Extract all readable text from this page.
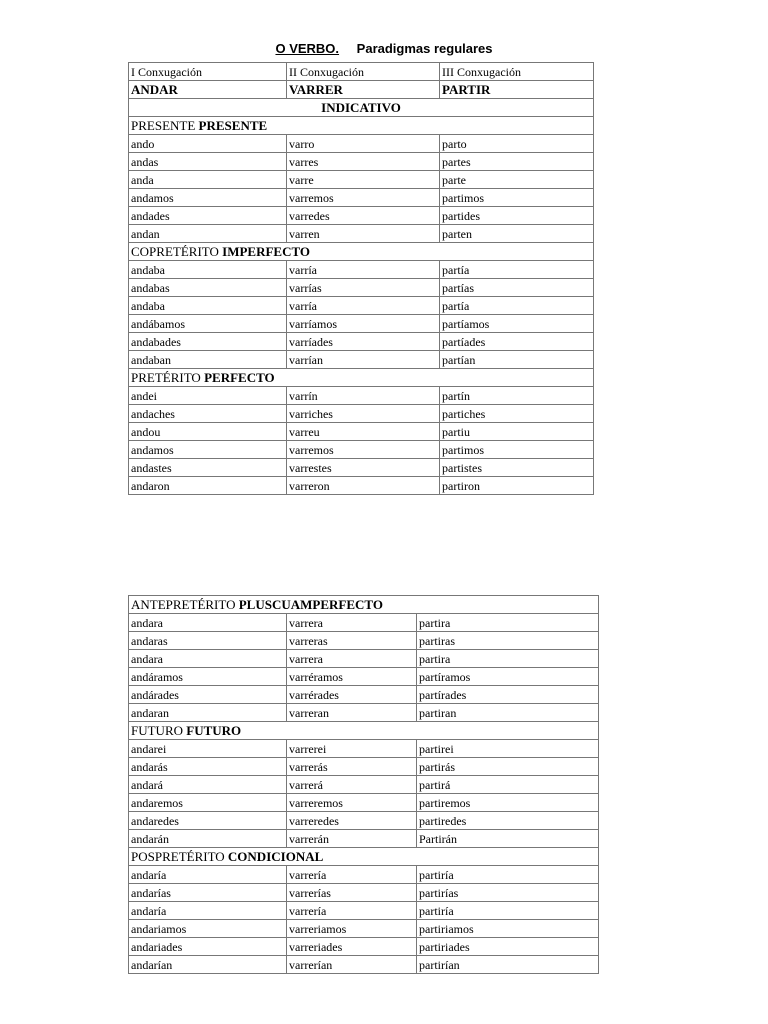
O VERBO. Paradigmas regulares
I Conxugación	II Conxugación	III Conxugación
ANDAR	VARRER	PARTIR
INDICATIVO		
PRESENTE PRESENTE		
ando	varro	parto
andas	varres	partes
anda	varre	parte
andamos	varremos	partimos
andades	varredes	partides
andan	varren	parten
COPRETÉRITO IMPERFECTO		
andaba	varría	partía
andabas	varrías	partías
andaba	varría	partía
andábamos	varríamos	partíamos
andabades	varríades	partíades
andaban	varrían	partían
PRETÉRITO PERFECTO		
andei	varrín	partín
andaches	varriches	partiches
andou	varreu	partiu
andamos	varremos	partimos
andastes	varrestes	partistes
andaron	varreron	partiron
ANTEPRETÉRITO PLUSCUAMPERFECTO		
andara	varrera	partira
andaras	varreras	partiras
andara	varrera	partira
andáramos	varréramos	partíramos
andárades	varrérades	partírades
andaran	varreran	partiran
FUTURO FUTURO		
andarei	varrerei	partirei
andarás	varrerás	partirás
andará	varrerá	partirá
andaremos	varreremos	partiremos
andaredes	varreredes	partiredes
andarán	varrerán	Partirán
POSPRETÉRITO CONDICIONAL		
andaría	varrería	partiría
andarías	varrerías	partirías
andaría	varrería	partiría
andariamos	varreriamos	partiriamos
andariades	varreriades	partiriades
andarían	varrerían	partirían
